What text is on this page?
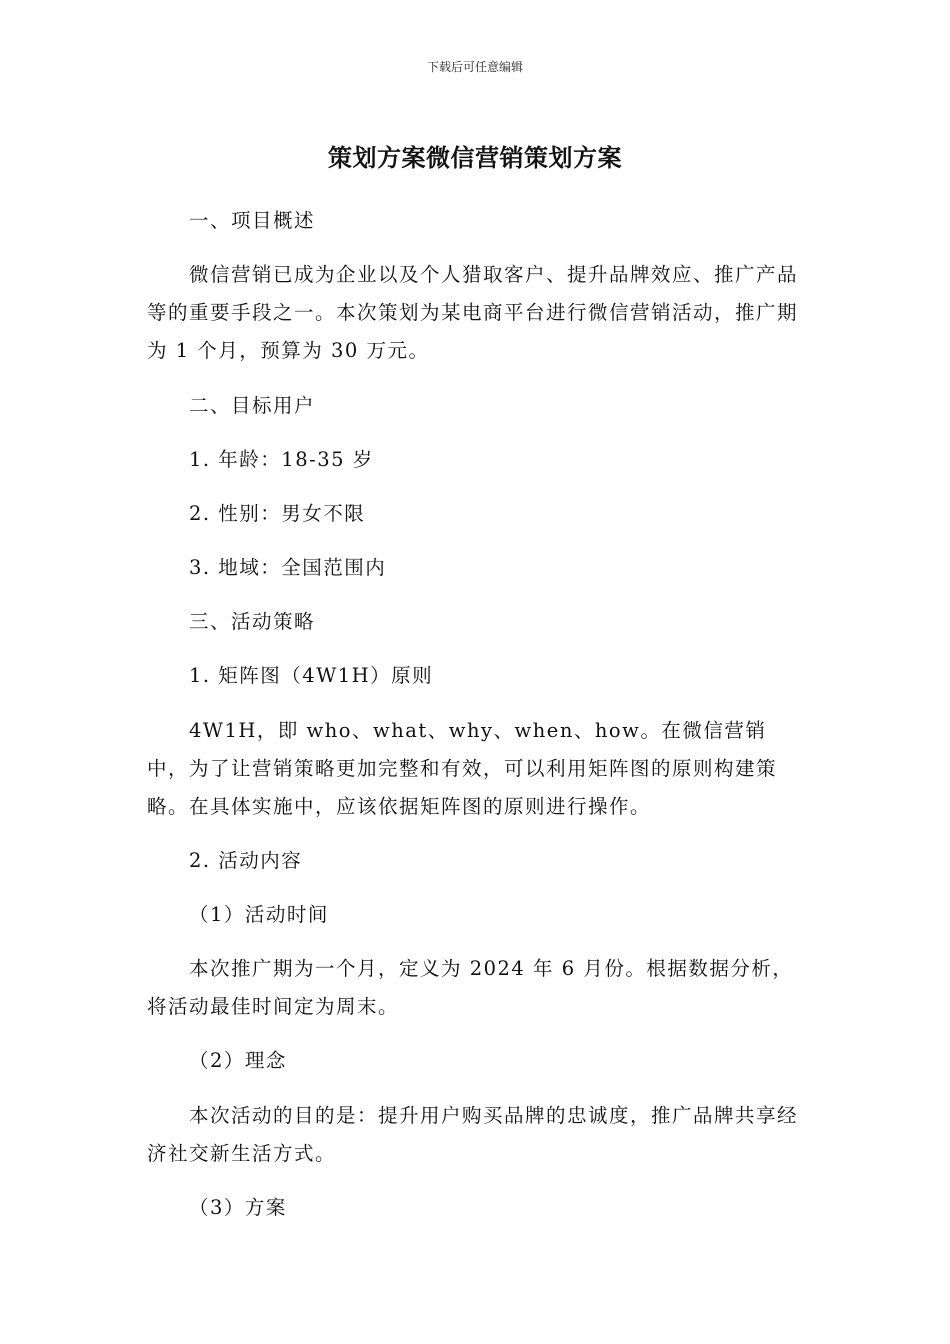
下载后可任意编辑
策划方案微信营销策划方案
一、项目概述
微信营销已成为企业以及个人猎取客户、提升品牌效应、推广产品等的重要手段之一。本次策划为某电商平台进行微信营销活动，推广期为 1 个月，预算为 30 万元。
二、目标用户
1. 年龄：18-35 岁
2. 性别：男女不限
3. 地域：全国范围内
三、活动策略
1. 矩阵图（4W1H）原则
4W1H，即 who、what、why、when、how。在微信营销中，为了让营销策略更加完整和有效，可以利用矩阵图的原则构建策略。在具体实施中，应该依据矩阵图的原则进行操作。
2. 活动内容
（1）活动时间
本次推广期为一个月，定义为 2024 年 6 月份。根据数据分析，将活动最佳时间定为周末。
（2）理念
本次活动的目的是：提升用户购买品牌的忠诚度，推广品牌共享经济社交新生活方式。
（3）方案
